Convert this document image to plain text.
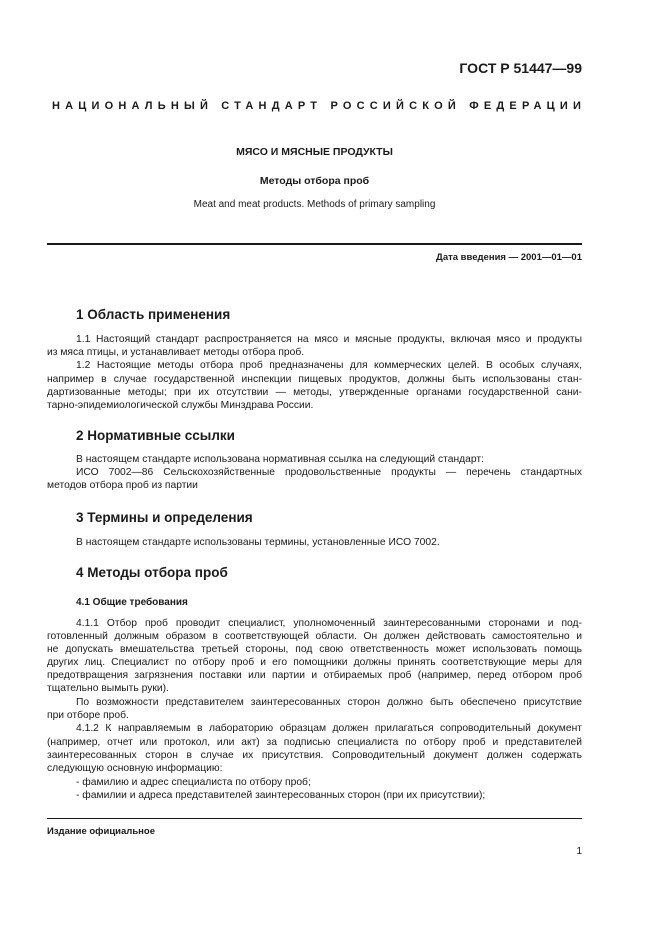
ГОСТ Р 51447—99
НАЦИОНАЛЬНЫЙ СТАНДАРТ РОССИЙСКОЙ ФЕДЕРАЦИИ
МЯСО И МЯСНЫЕ ПРОДУКТЫ
Методы отбора проб
Meat and meat products. Methods of primary sampling
Дата введения — 2001—01—01
1 Область применения
1.1 Настоящий стандарт распространяется на мясо и мясные продукты, включая мясо и продукты
из мяса птицы, и устанавливает методы отбора проб.
1.2 Настоящие методы отбора проб предназначены для коммерческих целей. В особых случаях,
например в случае государственной инспекции пищевых продуктов, должны быть использованы стан-
дартизованные методы; при их отсутствии — методы, утвержденные органами государственной сани-
тарно-эпидемиологической службы Минздрава России.
2 Нормативные ссылки
В настоящем стандарте использована нормативная ссылка на следующий стандарт:
ИСО 7002—86 Сельскохозяйственные продовольственные продукты — перечень стандартных
методов отбора проб из партии
3 Термины и определения
В настоящем стандарте использованы термины, установленные ИСО 7002.
4 Методы отбора проб
4.1 Общие требования
4.1.1 Отбор проб проводит специалист, уполномоченный заинтересованными сторонами и под-
готовленный должным образом в соответствующей области. Он должен действовать самостоятельно и
не допускать вмешательства третьей стороны, под свою ответственность может использовать помощь
других лиц. Специалист по отбору проб и его помощники должны принять соответствующие меры для
предотвращения загрязнения поставки или партии и отбираемых проб (например, перед отбором проб
тщательно вымыть руки).
По возможности представителем заинтересованных сторон должно быть обеспечено присутствие
при отборе проб.
4.1.2 К направляемым в лабораторию образцам должен прилагаться сопроводительный документ
(например, отчет или протокол, или акт) за подписью специалиста по отбору проб и представителей
заинтересованных сторон в случае их присутствия. Сопроводительный документ должен содержать
следующую основную информацию:
- фамилию и адрес специалиста по отбору проб;
- фамилии и адреса представителей заинтересованных сторон (при их присутствии);
Издание официальное
1
